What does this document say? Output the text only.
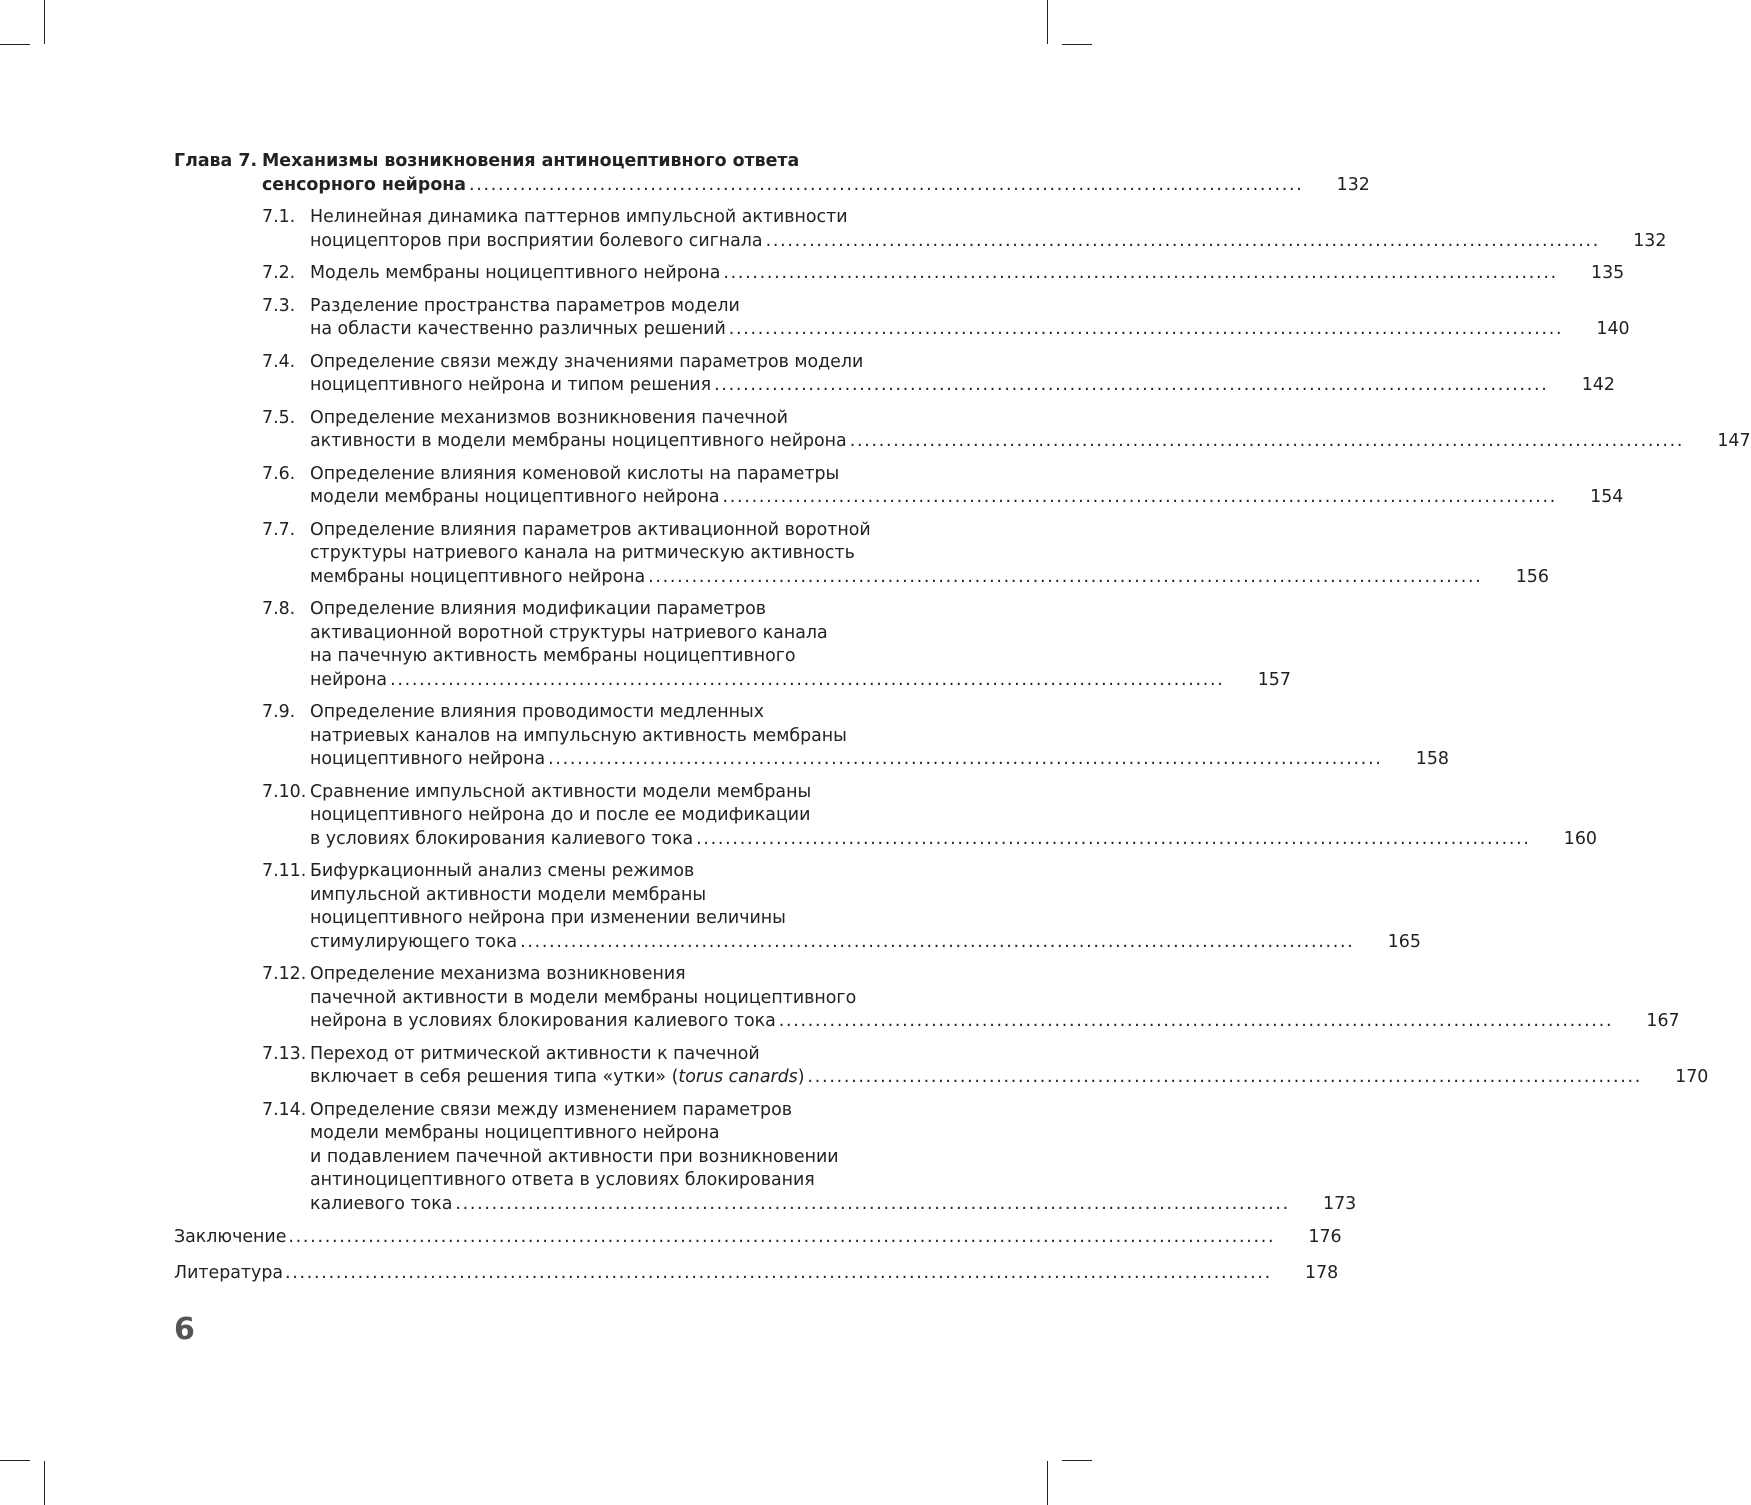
Глава 7. Механизмы возникновения антиноцептивного ответа
сенсорного нейрона . . .	132
7.1. Нелинейная динамика паттернов импульсной активности
ноцицепторов при восприятии болевого сигнала . . .	132
7.2. Модель мембраны ноцицептивного нейрона . . .	135
7.3. Разделение пространства параметров модели
на области качественно различных решений . . .	140
7.4. Определение связи между значениями параметров модели
ноцицептивного нейрона и типом решения . . .	142
7.5. Определение механизмов возникновения пачечной
активности в модели мембраны ноцицептивного нейрона . . .	147
7.6. Определение влияния коменовой кислоты на параметры
модели мембраны ноцицептивного нейрона . . .	154
7.7. Определение влияния параметров активационной воротной
структуры натриевого канала на ритмическую активность
мембраны ноцицептивного нейрона . . .	156
7.8. Определение влияния модификации параметров
активационной воротной структуры натриевого канала
на пачечную активность мембраны ноцицептивного
нейрона . . .	157
7.9. Определение влияния проводимости медленных
натриевых каналов на импульсную активность мембраны
ноцицептивного нейрона . . .	158
7.10. Сравнение импульсной активности модели мембраны
ноцицептивного нейрона до и после ее модификации
в условиях блокирования калиевого тока . . .	160
7.11. Бифуркационный анализ смены режимов
импульсной активности модели мембраны
ноцицептивного нейрона при изменении величины
стимулирующего тока . . .	165
7.12. Определение механизма возникновения
пачечной активности в модели мембраны ноцицептивного
нейрона в условиях блокирования калиевого тока . . .	167
7.13. Переход от ритмической активности к пачечной
включает в себя решения типа «утки» (torus canards) . . .	170
7.14. Определение связи между изменением параметров
модели мембраны ноцицептивного нейрона
и подавлением пачечной активности при возникновении
антиноцицептивного ответа в условиях блокирования
калиевого тока . . .	173
Заключение . . .	176
Литература . . .	178
6
